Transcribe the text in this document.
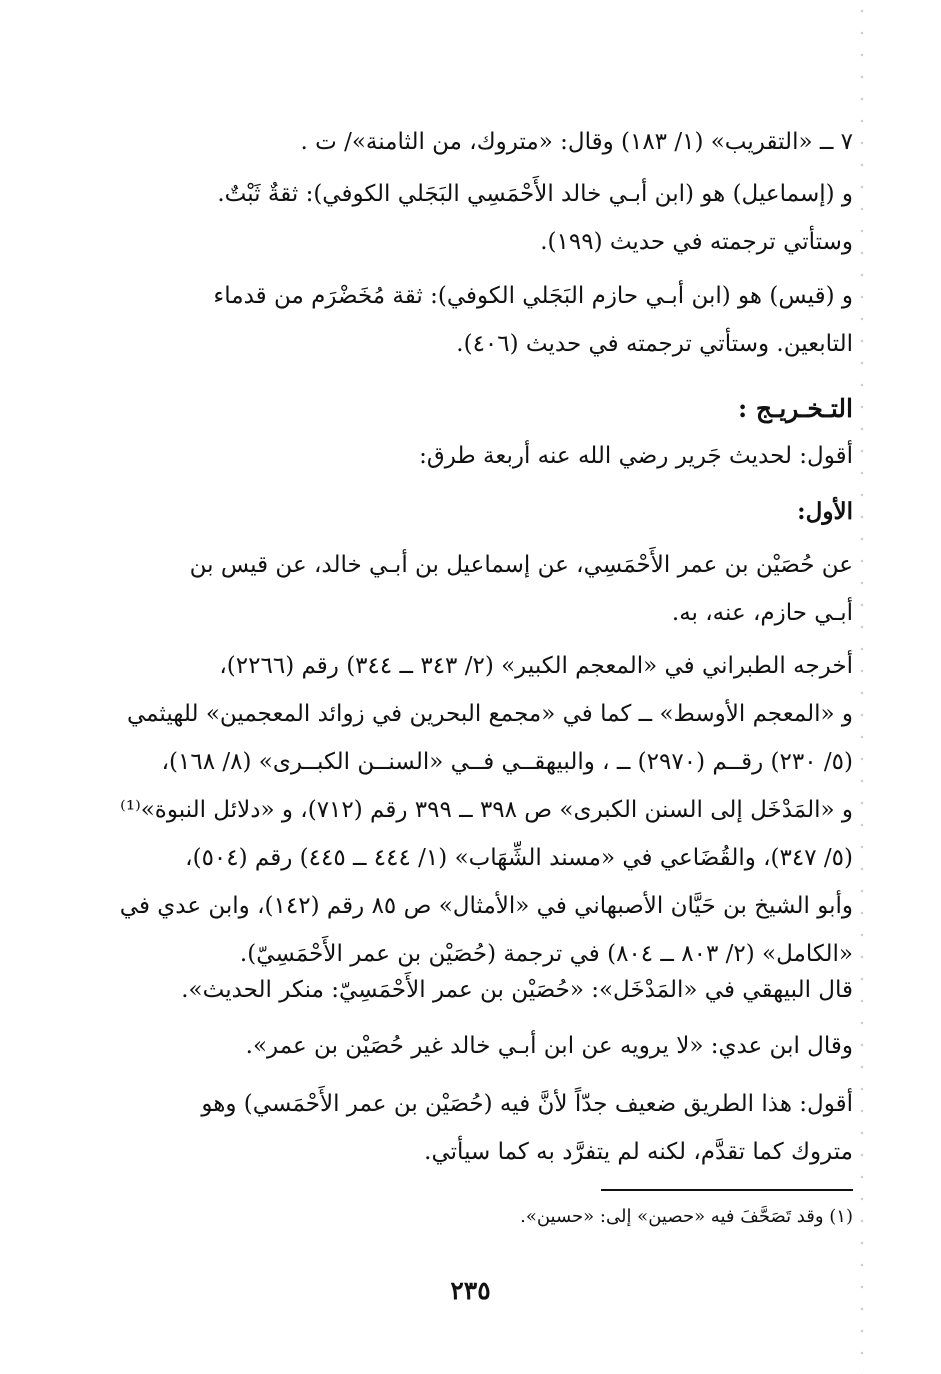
٧ ــ «التقريب» (١/ ١٨٣) وقال: «متروك، من الثامنة»/ ت .
و (إسماعيل) هو (ابن أبـي خالد الأَحْمَسِي البَجَلي الكوفي): ثقةٌ ثَبْتٌ.
وستأتي ترجمته في حديث (١٩٩).
و (قيس) هو (ابن أبـي حازم البَجَلي الكوفي): ثقة مُخَضْرَم من قدماء
التابعين. وستأتي ترجمته في حديث (٤٠٦).
التـخـريـج :
أقول: لحديث جَرير رضي الله عنه أربعة طرق:
الأول:
عن حُصَيْن بن عمر الأَحْمَسِي، عن إسماعيل بن أبـي خالد، عن قيس بن
أبـي حازم، عنه، به.
أخرجه الطبراني في «المعجم الكبير» (٢/ ٣٤٣ ــ ٣٤٤) رقم (٢٢٦٦)،
و «المعجم الأوسط» ــ كما في «مجمع البحرين في زوائد المعجمين» للهيثمي
(٥/ ٢٣٠) رقــم (٢٩٧٠) ــ ، والبيهقــي فــي «السنــن الكبــرى» (٨/ ١٦٨)،
و «المَدْخَل إلى السنن الكبرى» ص ٣٩٨ ــ ٣٩٩ رقم (٧١٢)، و «دلائل النبوة»⁽¹⁾
(٥/ ٣٤٧)، والقُضَاعي في «مسند الشِّهَاب» (١/ ٤٤٤ ــ ٤٤٥) رقم (٥٠٤)،
وأبو الشيخ بن حَيَّان الأصبهاني في «الأمثال» ص ٨٥ رقم (١٤٢)، وابن عدي في
«الكامل» (٢/ ٨٠٣ ــ ٨٠٤) في ترجمة (حُصَيْن بن عمر الأَحْمَسِيّ).
قال البيهقي في «المَدْخَل»: «حُصَيْن بن عمر الأَحْمَسِيّ: منكر الحديث».
وقال ابن عدي: «لا يرويه عن ابن أبـي خالد غير حُصَيْن بن عمر».
أقول: هذا الطريق ضعيف جدّاً لأنَّ فيه (حُصَيْن بن عمر الأَحْمَسي) وهو
متروك كما تقدَّم، لكنه لم يتفرَّد به كما سيأتي.
(١) وقد تَصَحَّفَ فيه «حصين» إلى: «حسين».
٢٣٥
